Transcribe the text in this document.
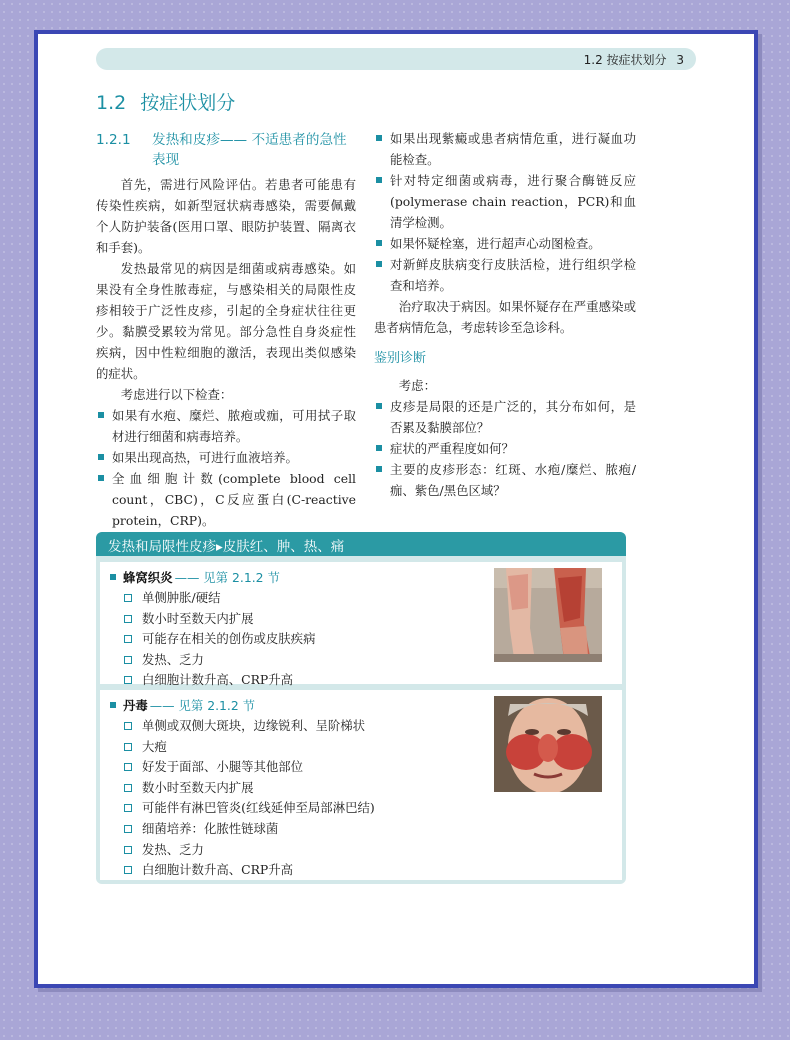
1.2 按症状划分 3
1.2 按症状划分
1.2.1	发热和皮疹—— 不适患者的急性表现

首先，需进行风险评估。若患者可能患有传染性疾病，如新型冠状病毒感染，需要佩戴个人防护装备(医用口罩、眼防护装置、隔离衣和手套)。

发热最常见的病因是细菌或病毒感染。如果没有全身性脓毒症，与感染相关的局限性皮疹相较于广泛性皮疹，引起的全身症状往往更少。黏膜受累较为常见。部分急性自身炎症性疾病，因中性粒细胞的激活，表现出类似感染的症状。

考虑进行以下检查：

如果有水疱、糜烂、脓疱或痂，可用拭子取材进行细菌和病毒培养。
如果出现高热，可进行血液培养。
全血细胞计数(complete blood cell count，CBC)，C反应蛋白(C-reactive protein，CRP)。
如果出现紫癜或患者病情危重，进行凝血功能检查。
针对特定细菌或病毒，进行聚合酶链反应(polymerase chain reaction，PCR)和血清学检测。
如果怀疑栓塞，进行超声心动图检查。
对新鲜皮肤病变行皮肤活检，进行组织学检查和培养。

治疗取决于病因。如果怀疑存在严重感染或患者病情危急，考虑转诊至急诊科。

鉴别诊断

考虑：

皮疹是局限的还是广泛的，其分布如何，是否累及黏膜部位？
症状的严重程度如何？
主要的皮疹形态：红斑、水疱/糜烂、脓疱/痂、紫色/黑色区域？
发热和局限性皮疹▸皮肤红、肿、热、痛
蜂窝织炎 —— 见第 2.1.2 节
单侧肿胀/硬结
数小时至数天内扩展
可能存在相关的创伤或皮肤疾病
发热、乏力
白细胞计数升高、CRP升高
丹毒 —— 见第 2.1.2 节
单侧或双侧大斑块，边缘锐利、呈阶梯状
大疱
好发于面部、小腿等其他部位
数小时至数天内扩展
可能伴有淋巴管炎(红线延伸至局部淋巴结)
细菌培养：化脓性链球菌
发热、乏力
白细胞计数升高、CRP升高
